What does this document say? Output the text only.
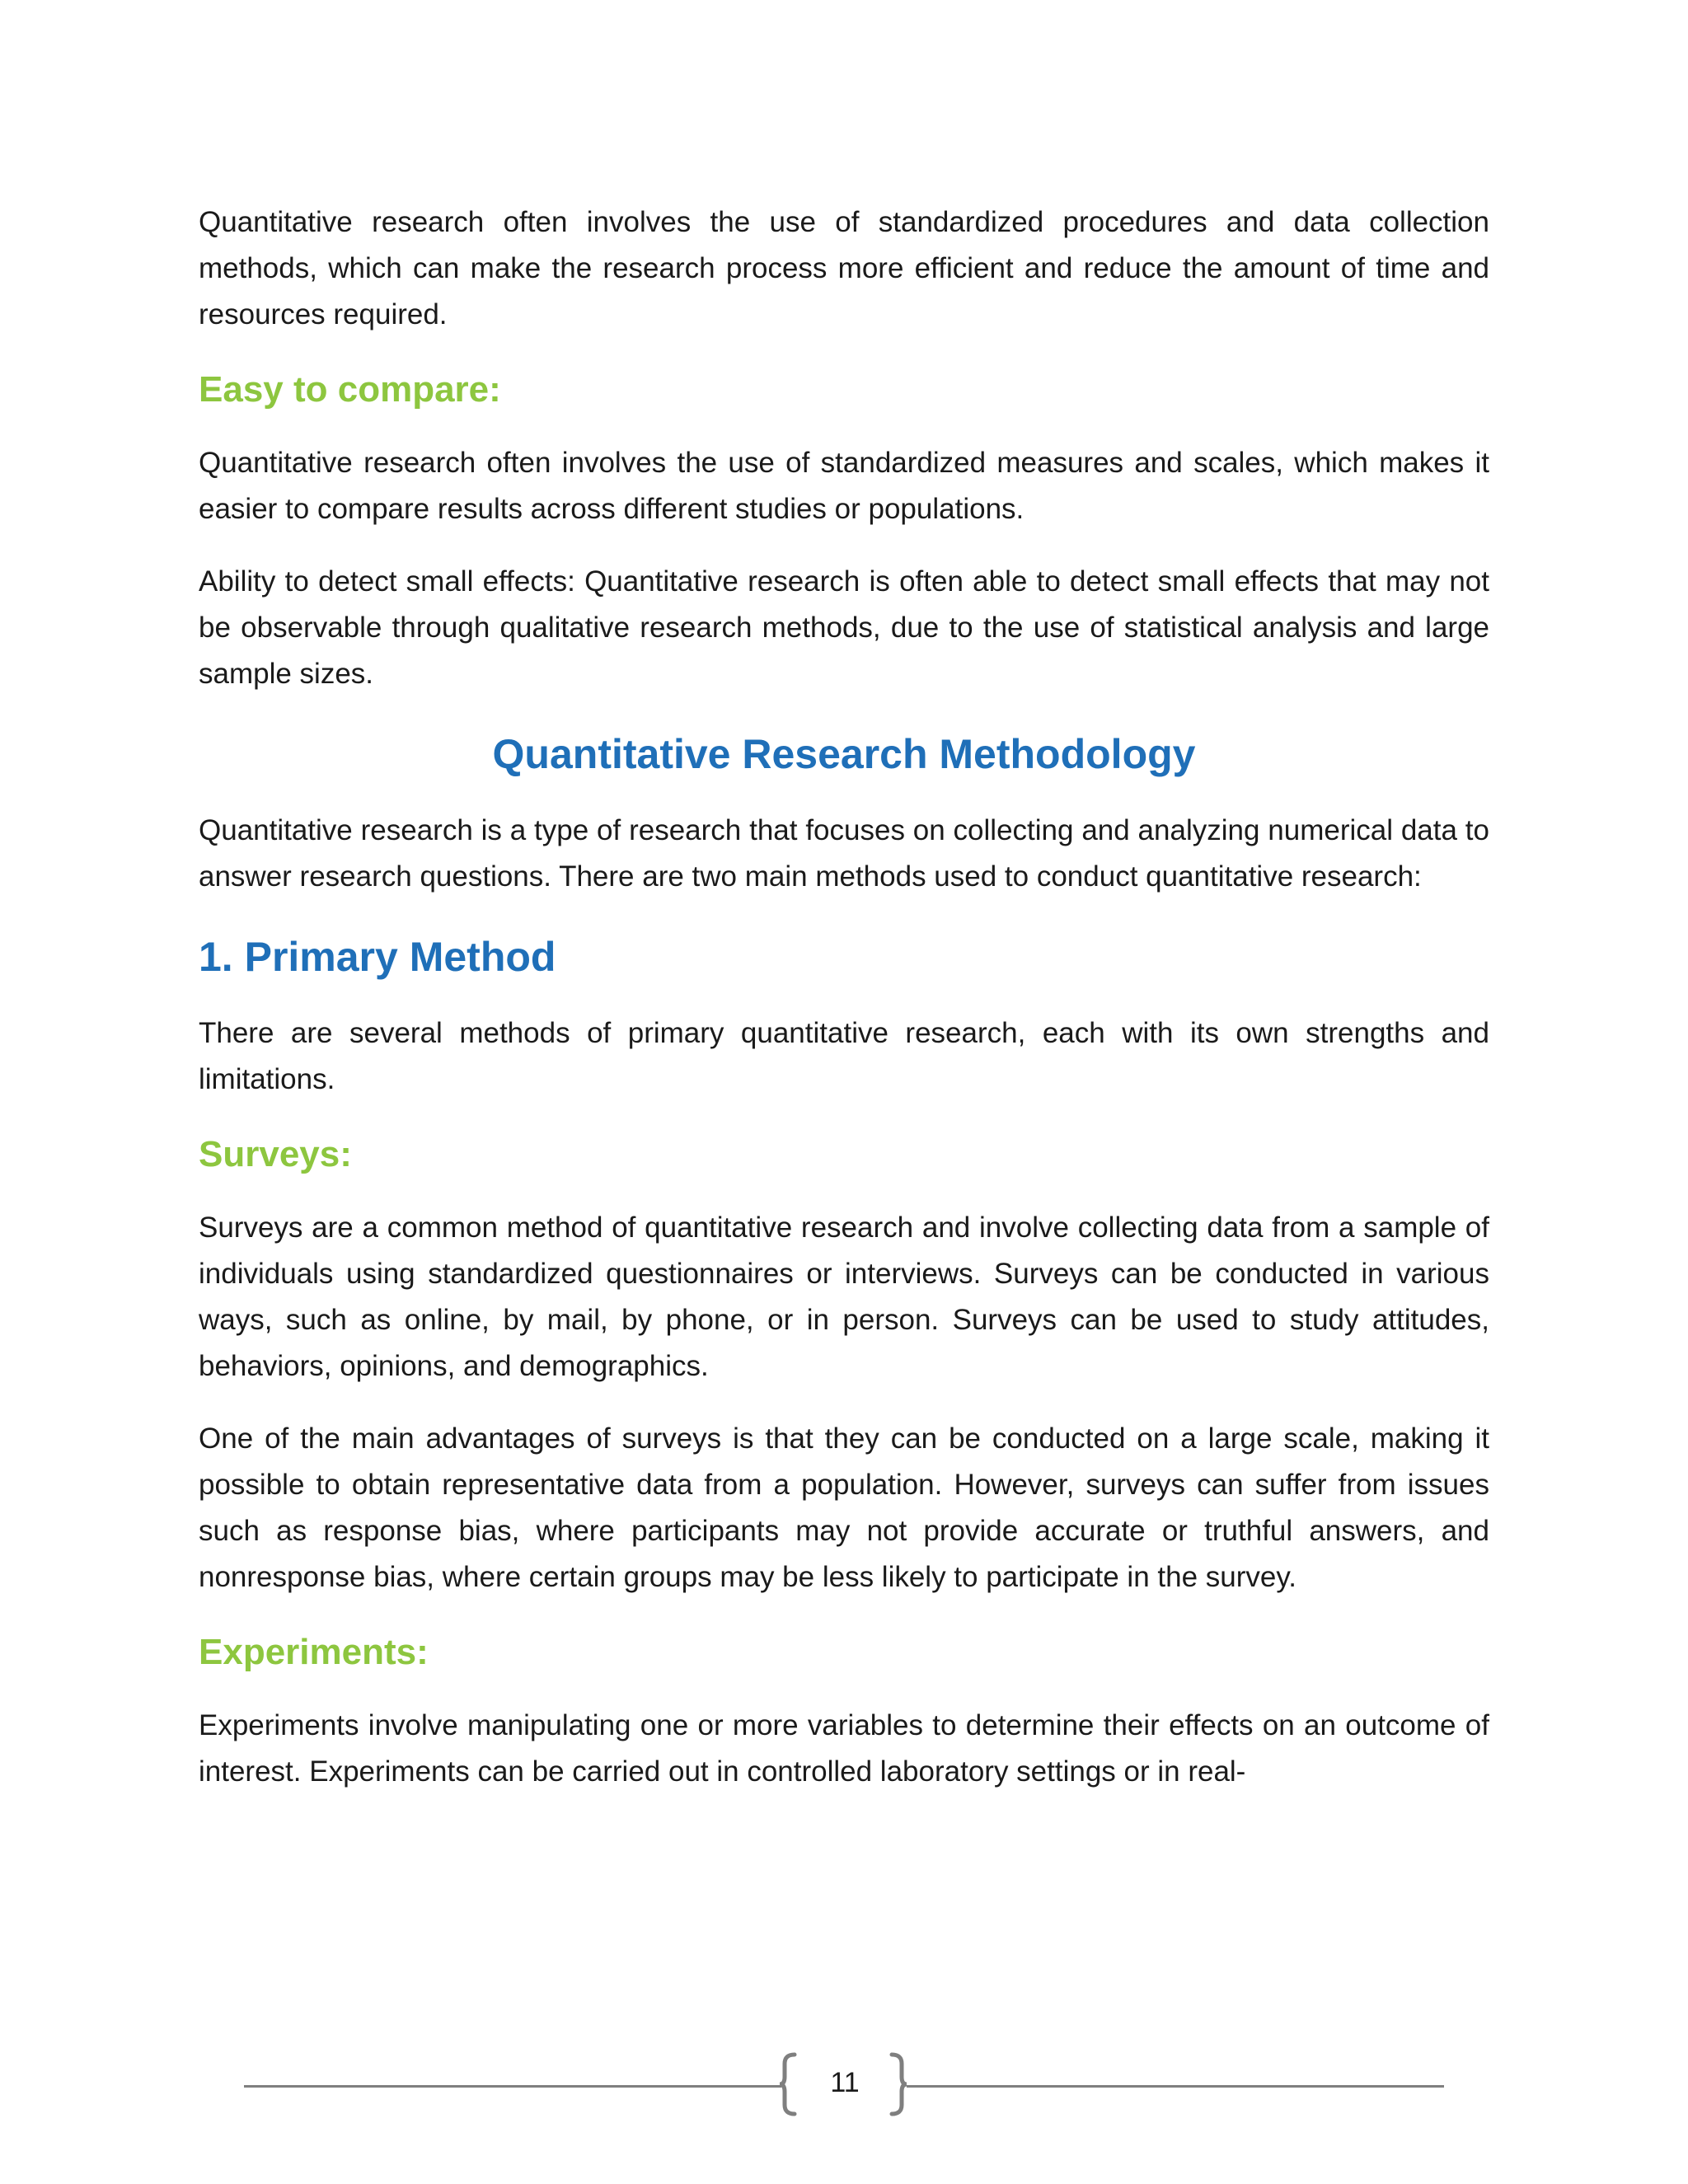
Quantitative research often involves the use of standardized procedures and data collection methods, which can make the research process more efficient and reduce the amount of time and resources required.

Easy to compare:

Quantitative research often involves the use of standardized measures and scales, which makes it easier to compare results across different studies or populations.

Ability to detect small effects: Quantitative research is often able to detect small effects that may not be observable through qualitative research methods, due to the use of statistical analysis and large sample sizes.

Quantitative Research Methodology

Quantitative research is a type of research that focuses on collecting and analyzing numerical data to answer research questions. There are two main methods used to conduct quantitative research:

1. Primary Method

There are several methods of primary quantitative research, each with its own strengths and limitations.

Surveys:

Surveys are a common method of quantitative research and involve collecting data from a sample of individuals using standardized questionnaires or interviews. Surveys can be conducted in various ways, such as online, by mail, by phone, or in person. Surveys can be used to study attitudes, behaviors, opinions, and demographics.

One of the main advantages of surveys is that they can be conducted on a large scale, making it possible to obtain representative data from a population. However, surveys can suffer from issues such as response bias, where participants may not provide accurate or truthful answers, and nonresponse bias, where certain groups may be less likely to participate in the survey.

Experiments:

Experiments involve manipulating one or more variables to determine their effects on an outcome of interest. Experiments can be carried out in controlled laboratory settings or in real-

11
